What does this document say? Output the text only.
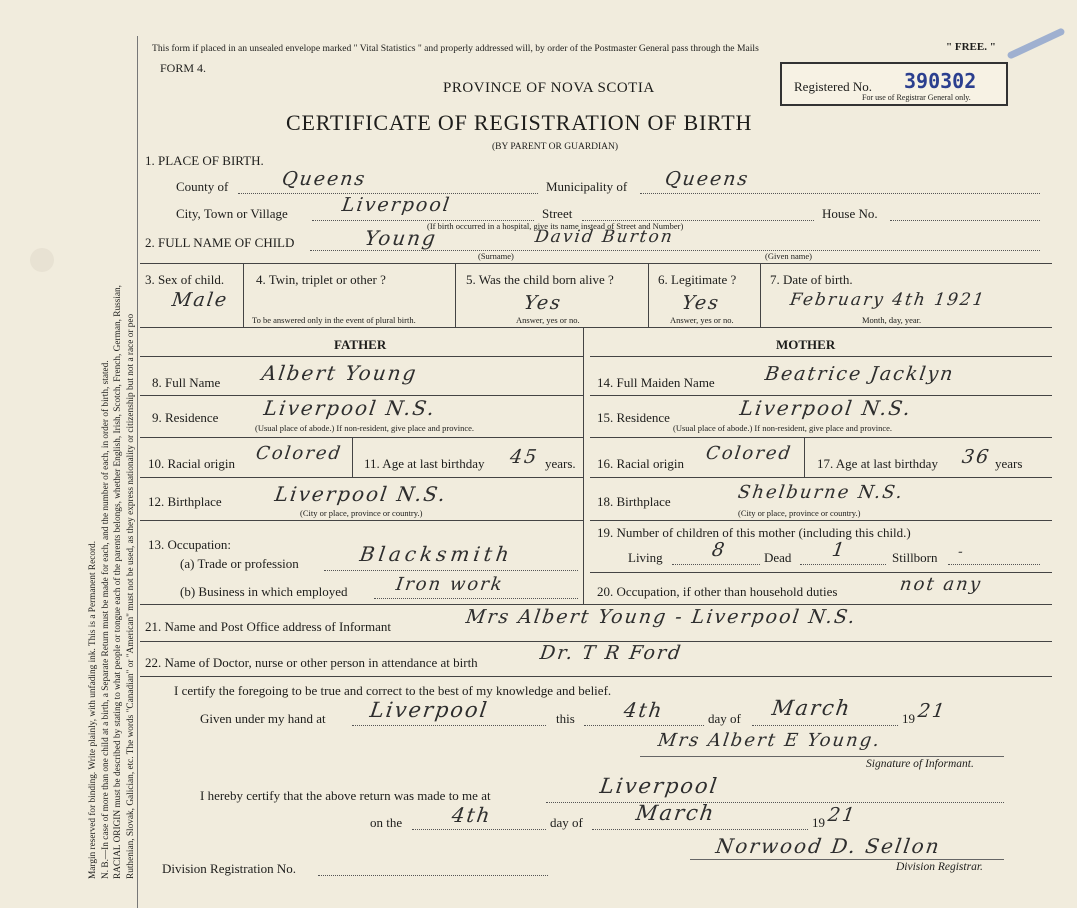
Margin reserved for binding. Write plainly, with unfading ink. This is a Permanent Record. N. B.—In case of more than one child at a birth, a Separate Return must be made for each, and the number of each, in order of birth, stated. RACIAL ORIGIN must be described by stating to what people or tongue each of the parents belongs, whether English, Irish, Scotch, French, German, Russian, Ruthenian, Slovak, Galician, etc. The words "Canadian" or "American" must not be used, as they express nationality or citizenship but not a race or peo
This form if placed in an unsealed envelope marked " Vital Statistics " and properly addressed will, by order of the Postmaster General pass through the Mails	" FREE. "
FORM 4.
PROVINCE OF NOVA SCOTIA
CERTIFICATE OF REGISTRATION OF BIRTH
(BY PARENT OR GUARDIAN)
Registered No. 390302
For use of Registrar General only.
1. PLACE OF BIRTH.
County of	Queens	Municipality of Queens
City, Town or Village	Liverpool	Street
(If birth occurred in a hospital, give its name instead of Street and Number)
House No.
2. FULL NAME OF CHILD	Young	David Burton
(Surname)	(Given name)
3. Sex of child.
Male
4. Twin, triplet or other ?
To be answered only in the event of plural birth.
5. Was the child born alive ?
Yes
Answer, yes or no.
6. Legitimate ?
Yes
Answer, yes or no.
7. Date of birth.
February 4th 1921
Month, day, year.
FATHER	MOTHER
8. Full Name Albert Young
9. Residence Liverpool N.S.
(Usual place of abode.) If non-resident, give place and province.
10. Racial origin Colored 11. Age at last birthday 45 years.
12. Birthplace	Liverpool N.S.
(City or place, province or country.)
13. Occupation:
(a) Trade or profession	Blacksmith
(b) Business in which employed	Iron work
14. Full Maiden Name	Beatrice Jacklyn
15. Residence	Liverpool N.S.
(Usual place of abode.) If non-resident, give place and province.
16. Racial origin Colored 17. Age at last birthday 36 years
18. Birthplace	Shelburne N.S.
(City or place, province or country.)
19. Number of children of this mother (including this child.)
Living	8	Dead 1	Stillborn -
20. Occupation, if other than household duties	not any
21. Name and Post Office address of Informant	Mrs Albert Young - Liverpool N.S.
22. Name of Doctor, nurse or other person in attendance at birth	Dr. T R Ford
I certify the foregoing to be true and correct to the best of my knowledge and belief.
Given under my hand at Liverpool	this 4th	day of March	19 21
Mrs Albert E Young.
Signature of Informant.
I hereby certify that the above return was made to me at	Liverpool
on the 4th	day of March	19 21
Division Registration No.
Norwood D. Sellon
Division Registrar.
